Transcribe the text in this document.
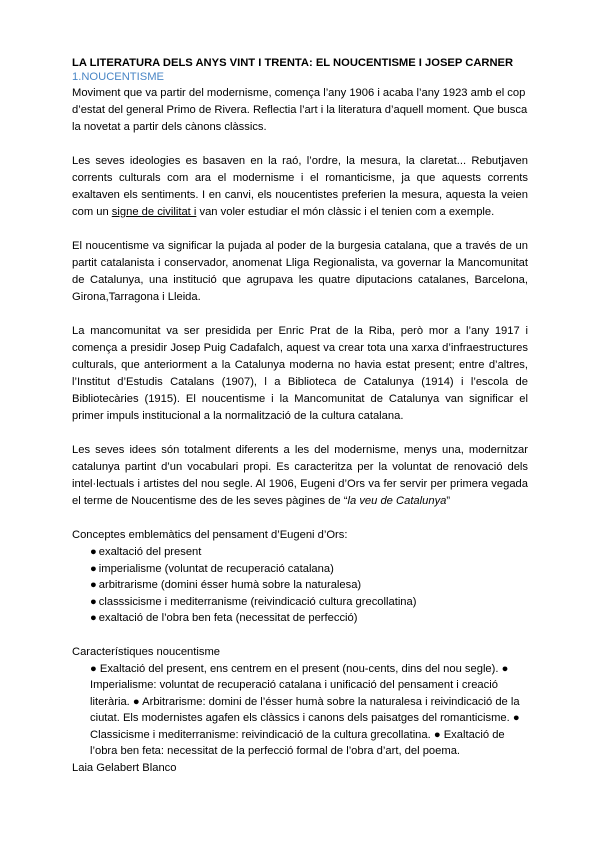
LA LITERATURA DELS ANYS VINT I TRENTA: EL NOUCENTISME I JOSEP CARNER
1.NOUCENTISME

Moviment que va partir del modernisme, comença l’any 1906 i acaba l’any 1923 amb el cop d’estat del general Primo de Rivera. Reflectia l’art i la literatura d’aquell moment. Que busca la novetat a partir dels cànons clàssics.

Les seves ideologies es basaven en la raó, l’ordre, la mesura, la claretat... Rebutjaven corrents culturals com ara el modernisme i el romanticisme, ja que aquests corrents exaltaven els sentiments. I en canvi, els noucentistes preferien la mesura, aquesta la veien com un signe de civilitat i van voler estudiar el món clàssic i el tenien com a exemple.

El noucentisme va significar la pujada al poder de la burgesia catalana, que a través de un partit catalanista i conservador, anomenat Lliga Regionalista, va governar la Mancomunitat de Catalunya, una institució que agrupava les quatre diputacions catalanes, Barcelona, Girona,Tarragona i Lleida.

La mancomunitat va ser presidida per Enric Prat de la Riba, però mor a l’any 1917 i comença a presidir Josep Puig Cadafalch, aquest va crear tota una xarxa d’infraestructures culturals, que anteriorment a la Catalunya moderna no havia estat present; entre d’altres, l’Institut d’Estudis Catalans (1907), l a Biblioteca de Catalunya (1914) i l’escola de Bibliotecàries (1915). El noucentisme i la Mancomunitat de Catalunya van significar el primer impuls institucional a la normalització de la cultura catalana.

Les seves idees són totalment diferents a les del modernisme, menys una, modernitzar catalunya partint d’un vocabulari propi. Es caracteritza per la voluntat de renovació dels intel·lectuals i artistes del nou segle. Al 1906, Eugeni d’Ors va fer servir per primera vegada el terme de Noucentisme des de les seves pàgines de “la veu de Catalunya”

Conceptes emblemàtics del pensament d’Eugeni d’Ors:

● exaltació del present
● imperialisme (voluntat de recuperació catalana)
● arbitrarisme (domini ésser humà sobre la naturalesa)
● classsicisme i mediterranisme (reivindicació cultura grecollatina)
● exaltació de l’obra ben feta (necessitat de perfecció)

Característiques noucentisme

● Exaltació del present, ens centrem en el present (nou-cents, dins del nou segle). ● Imperialisme: voluntat de recuperació catalana i unificació del pensament i creació literària. ● Arbitrarisme: domini de l’ésser humà sobre la naturalesa i reivindicació de la ciutat. Els modernistes agafen els clàssics i canons dels paisatges del romanticisme. ● Classicisme i mediterranisme: reivindicació de la cultura grecollatina. ● Exaltació de l’obra ben feta: necessitat de la perfecció formal de l’obra d’art, del poema.
Laia Gelabert Blanco
